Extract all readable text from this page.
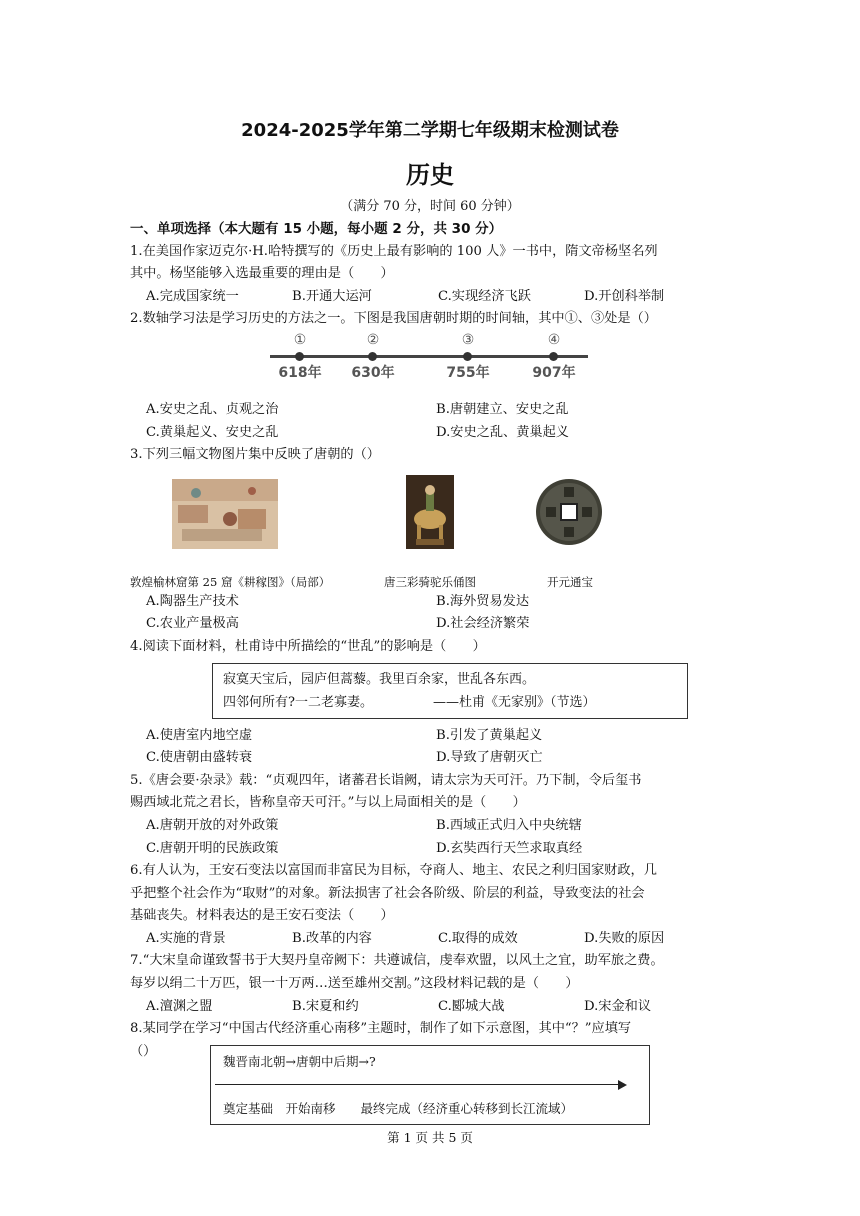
2024-2025学年第二学期七年级期末检测试卷
历史
（满分 70 分，时间 60 分钟）
一、单项选择（本大题有 15 小题，每小题 2 分，共 30 分）
1.在美国作家迈克尔·H.哈特撰写的《历史上最有影响的 100 人》一书中，隋文帝杨坚名列
其中。杨坚能够入选最重要的理由是（　　）
A.完成国家统一	B.开通大运河	C.实现经济飞跃	D.开创科举制
2.数轴学习法是学习历史的方法之一。下图是我国唐朝时期的时间轴，其中①、③处是（）
①	②	③	④
618年	630年	755年	907年
A.安史之乱、贞观之治	B.唐朝建立、安史之乱
C.黄巢起义、安史之乱	D.安史之乱、黄巢起义
3.下列三幅文物图片集中反映了唐朝的（）
敦煌榆林窟第 25 窟《耕稼图》（局部）	唐三彩骑驼乐俑图	开元通宝
A.陶器生产技术	B.海外贸易发达
C.农业产量极高	D.社会经济繁荣
4.阅读下面材料，杜甫诗中所描绘的“世乱”的影响是（　　）
寂寞天宝后，园庐但蒿藜。我里百余家，世乱各东西。
四邻何所有?一二老寡妻。	——杜甫《无家别》（节选）
A.使唐室内地空虚	B.引发了黄巢起义
C.使唐朝由盛转衰	D.导致了唐朝灭亡
5.《唐会要·杂录》载：“贞观四年，诸蕃君长诣阙，请太宗为天可汗。乃下制，令后玺书
赐西域北荒之君长，皆称皇帝天可汗。”与以上局面相关的是（　　）
A.唐朝开放的对外政策	B.西域正式归入中央统辖
C.唐朝开明的民族政策	D.玄奘西行天竺求取真经
6.有人认为，王安石变法以富国而非富民为目标，夺商人、地主、农民之利归国家财政，几
乎把整个社会作为“取财”的对象。新法损害了社会各阶级、阶层的利益，导致变法的社会
基础丧失。材料表达的是王安石变法（　　）
A.实施的背景	B.改革的内容	C.取得的成效	D.失败的原因
7.“大宋皇命谨致誓书于大契丹皇帝阙下：共遵诚信，虔奉欢盟，以风土之宜，助军旅之费。
每岁以绢二十万匹，银一十万两…送至雄州交割。”这段材料记载的是（　　）
A.澶渊之盟	B.宋夏和约	C.郾城大战	D.宋金和议
8.某同学在学习“中国古代经济重心南移”主题时，制作了如下示意图，其中“？”应填写
（）
魏晋南北朝→唐朝中后期→?
奠定基础　开始南移　　最终完成（经济重心转移到长江流域）
第 1 页 共 5 页
